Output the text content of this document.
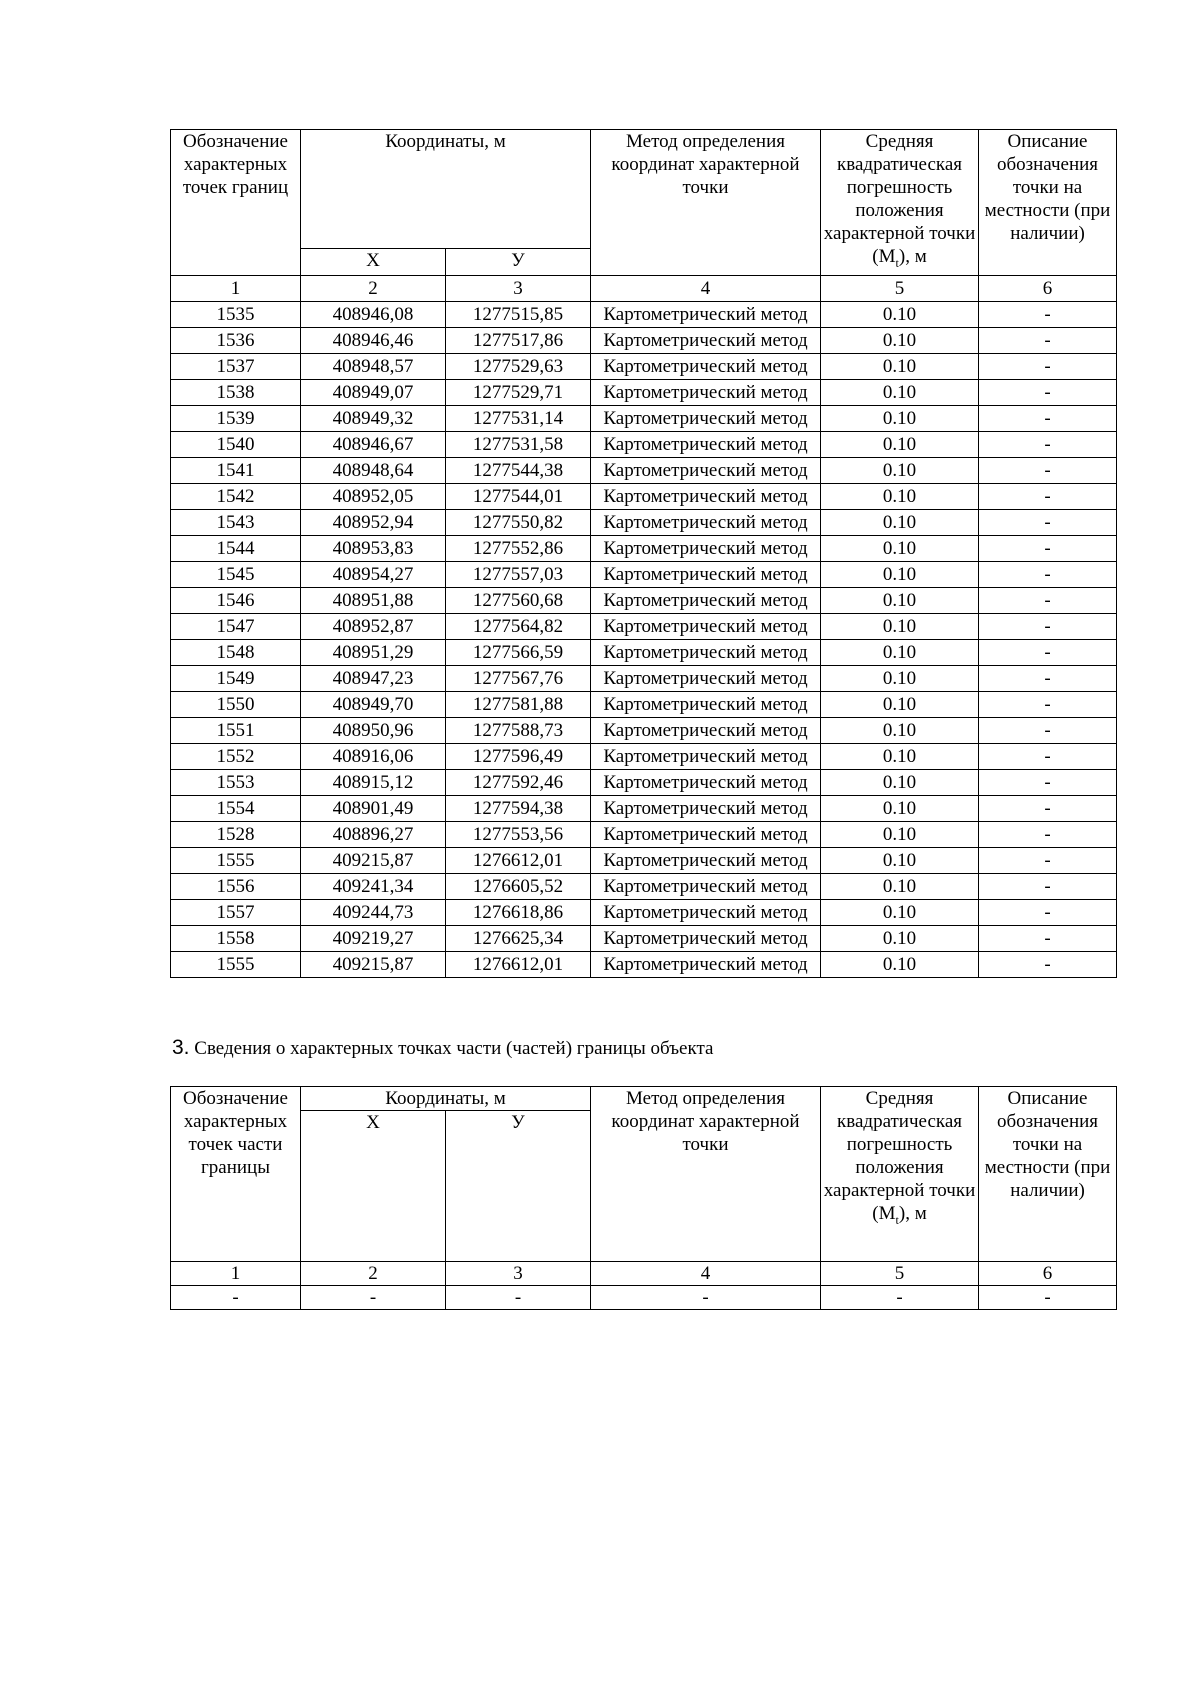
Обозначение характерных точек границ	Координаты, м		Метод определения координат характерной точки	Средняя квадратическая погрешность положения характерной точки $(M_t)$, м	Описание обозначения точки на местности (при наличии)
	Х	У			
1	2	3	4	5	6
1535	408946,08	1277515,85	Картометрический метод	0.10	-
1536	408946,46	1277517,86	Картометрический метод	0.10	-
1537	408948,57	1277529,63	Картометрический метод	0.10	-
1538	408949,07	1277529,71	Картометрический метод	0.10	-
1539	408949,32	1277531,14	Картометрический метод	0.10	-
1540	408946,67	1277531,58	Картометрический метод	0.10	-
1541	408948,64	1277544,38	Картометрический метод	0.10	-
1542	408952,05	1277544,01	Картометрический метод	0.10	-
1543	408952,94	1277550,82	Картометрический метод	0.10	-
1544	408953,83	1277552,86	Картометрический метод	0.10	-
1545	408954,27	1277557,03	Картометрический метод	0.10	-
1546	408951,88	1277560,68	Картометрический метод	0.10	-
1547	408952,87	1277564,82	Картометрический метод	0.10	-
1548	408951,29	1277566,59	Картометрический метод	0.10	-
1549	408947,23	1277567,76	Картометрический метод	0.10	-
1550	408949,70	1277581,88	Картометрический метод	0.10	-
1551	408950,96	1277588,73	Картометрический метод	0.10	-
1552	408916,06	1277596,49	Картометрический метод	0.10	-
1553	408915,12	1277592,46	Картометрический метод	0.10	-
1554	408901,49	1277594,38	Картометрический метод	0.10	-
1528	408896,27	1277553,56	Картометрический метод	0.10	-
1555	409215,87	1276612,01	Картометрический метод	0.10	-
1556	409241,34	1276605,52	Картометрический метод	0.10	-
1557	409244,73	1276618,86	Картометрический метод	0.10	-
1558	409219,27	1276625,34	Картометрический метод	0.10	-
1555	409215,87	1276612,01	Картометрический метод	0.10	-
3. Сведения о характерных точках части (частей) границы объекта
Обозначение характерных точек части границы	Координаты, м		Метод определения координат характерной точки	Средняя квадратическая погрешность положения характерной точки $(M_t)$, м	Описание обозначения точки на местности (при наличии)
	Х	У			
1	2	3	4	5	6
-	-	-	-	-	-
